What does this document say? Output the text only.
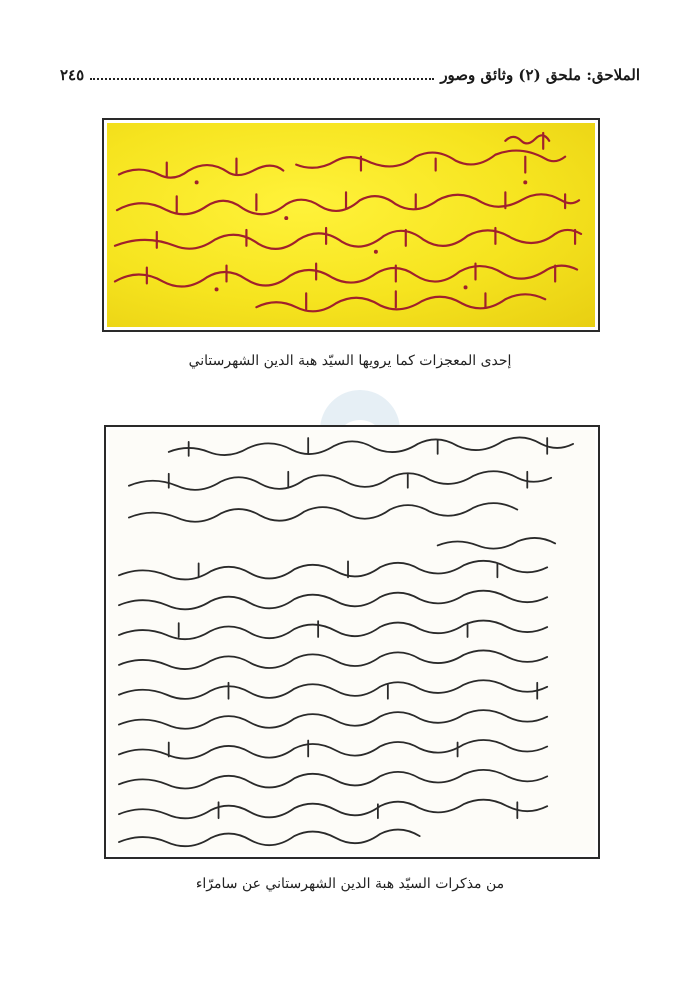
الملاحق: ملحق (٢) وثائق وصور
٢٤٥
إحدى المعجزات كما يرويها السيّد هبة الدين الشهرستاني
من مذكرات السيّد هبة الدين الشهرستاني عن سامرّاء
